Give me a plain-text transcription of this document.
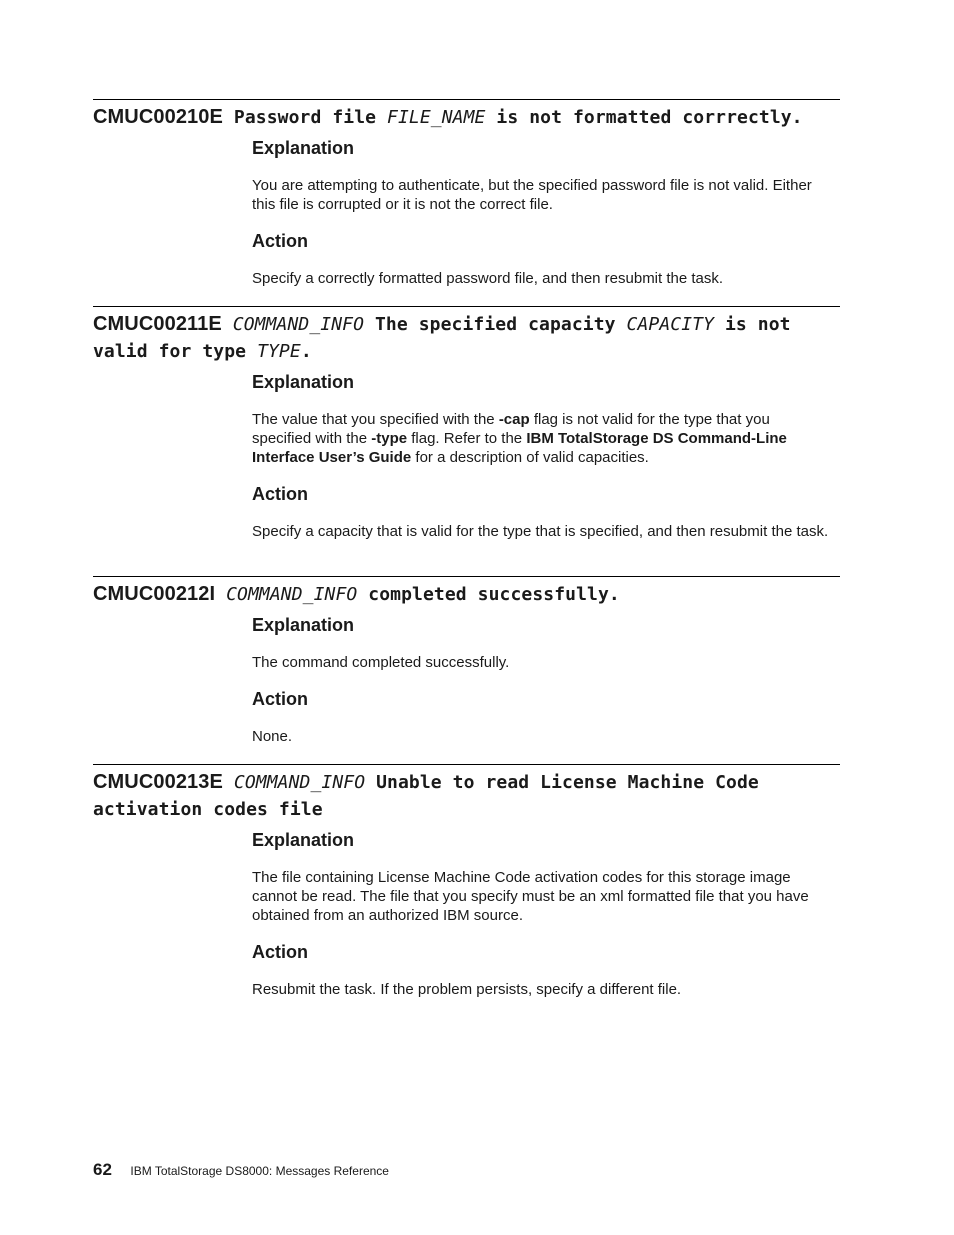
CMUC00210E Password file FILE_NAME is not formatted corrrectly.
Explanation

You are attempting to authenticate, but the specified password file is not valid. Either this file is corrupted or it is not the correct file.

Action

Specify a correctly formatted password file, and then resubmit the task.

CMUC00211E COMMAND_INFO The specified capacity CAPACITY is not valid for type TYPE.
Explanation

The value that you specified with the -cap flag is not valid for the type that you specified with the -type flag. Refer to the IBM TotalStorage DS Command-Line Interface User’s Guide for a description of valid capacities.

Action

Specify a capacity that is valid for the type that is specified, and then resubmit the task.

CMUC00212I COMMAND_INFO completed successfully.
Explanation

The command completed successfully.

Action

None.

CMUC00213E COMMAND_INFO Unable to read License Machine Code activation codes file
Explanation

The file containing License Machine Code activation codes for this storage image cannot be read. The file that you specify must be an xml formatted file that you have obtained from an authorized IBM source.

Action

Resubmit the task. If the problem persists, specify a different file.

62 IBM TotalStorage DS8000: Messages Reference
